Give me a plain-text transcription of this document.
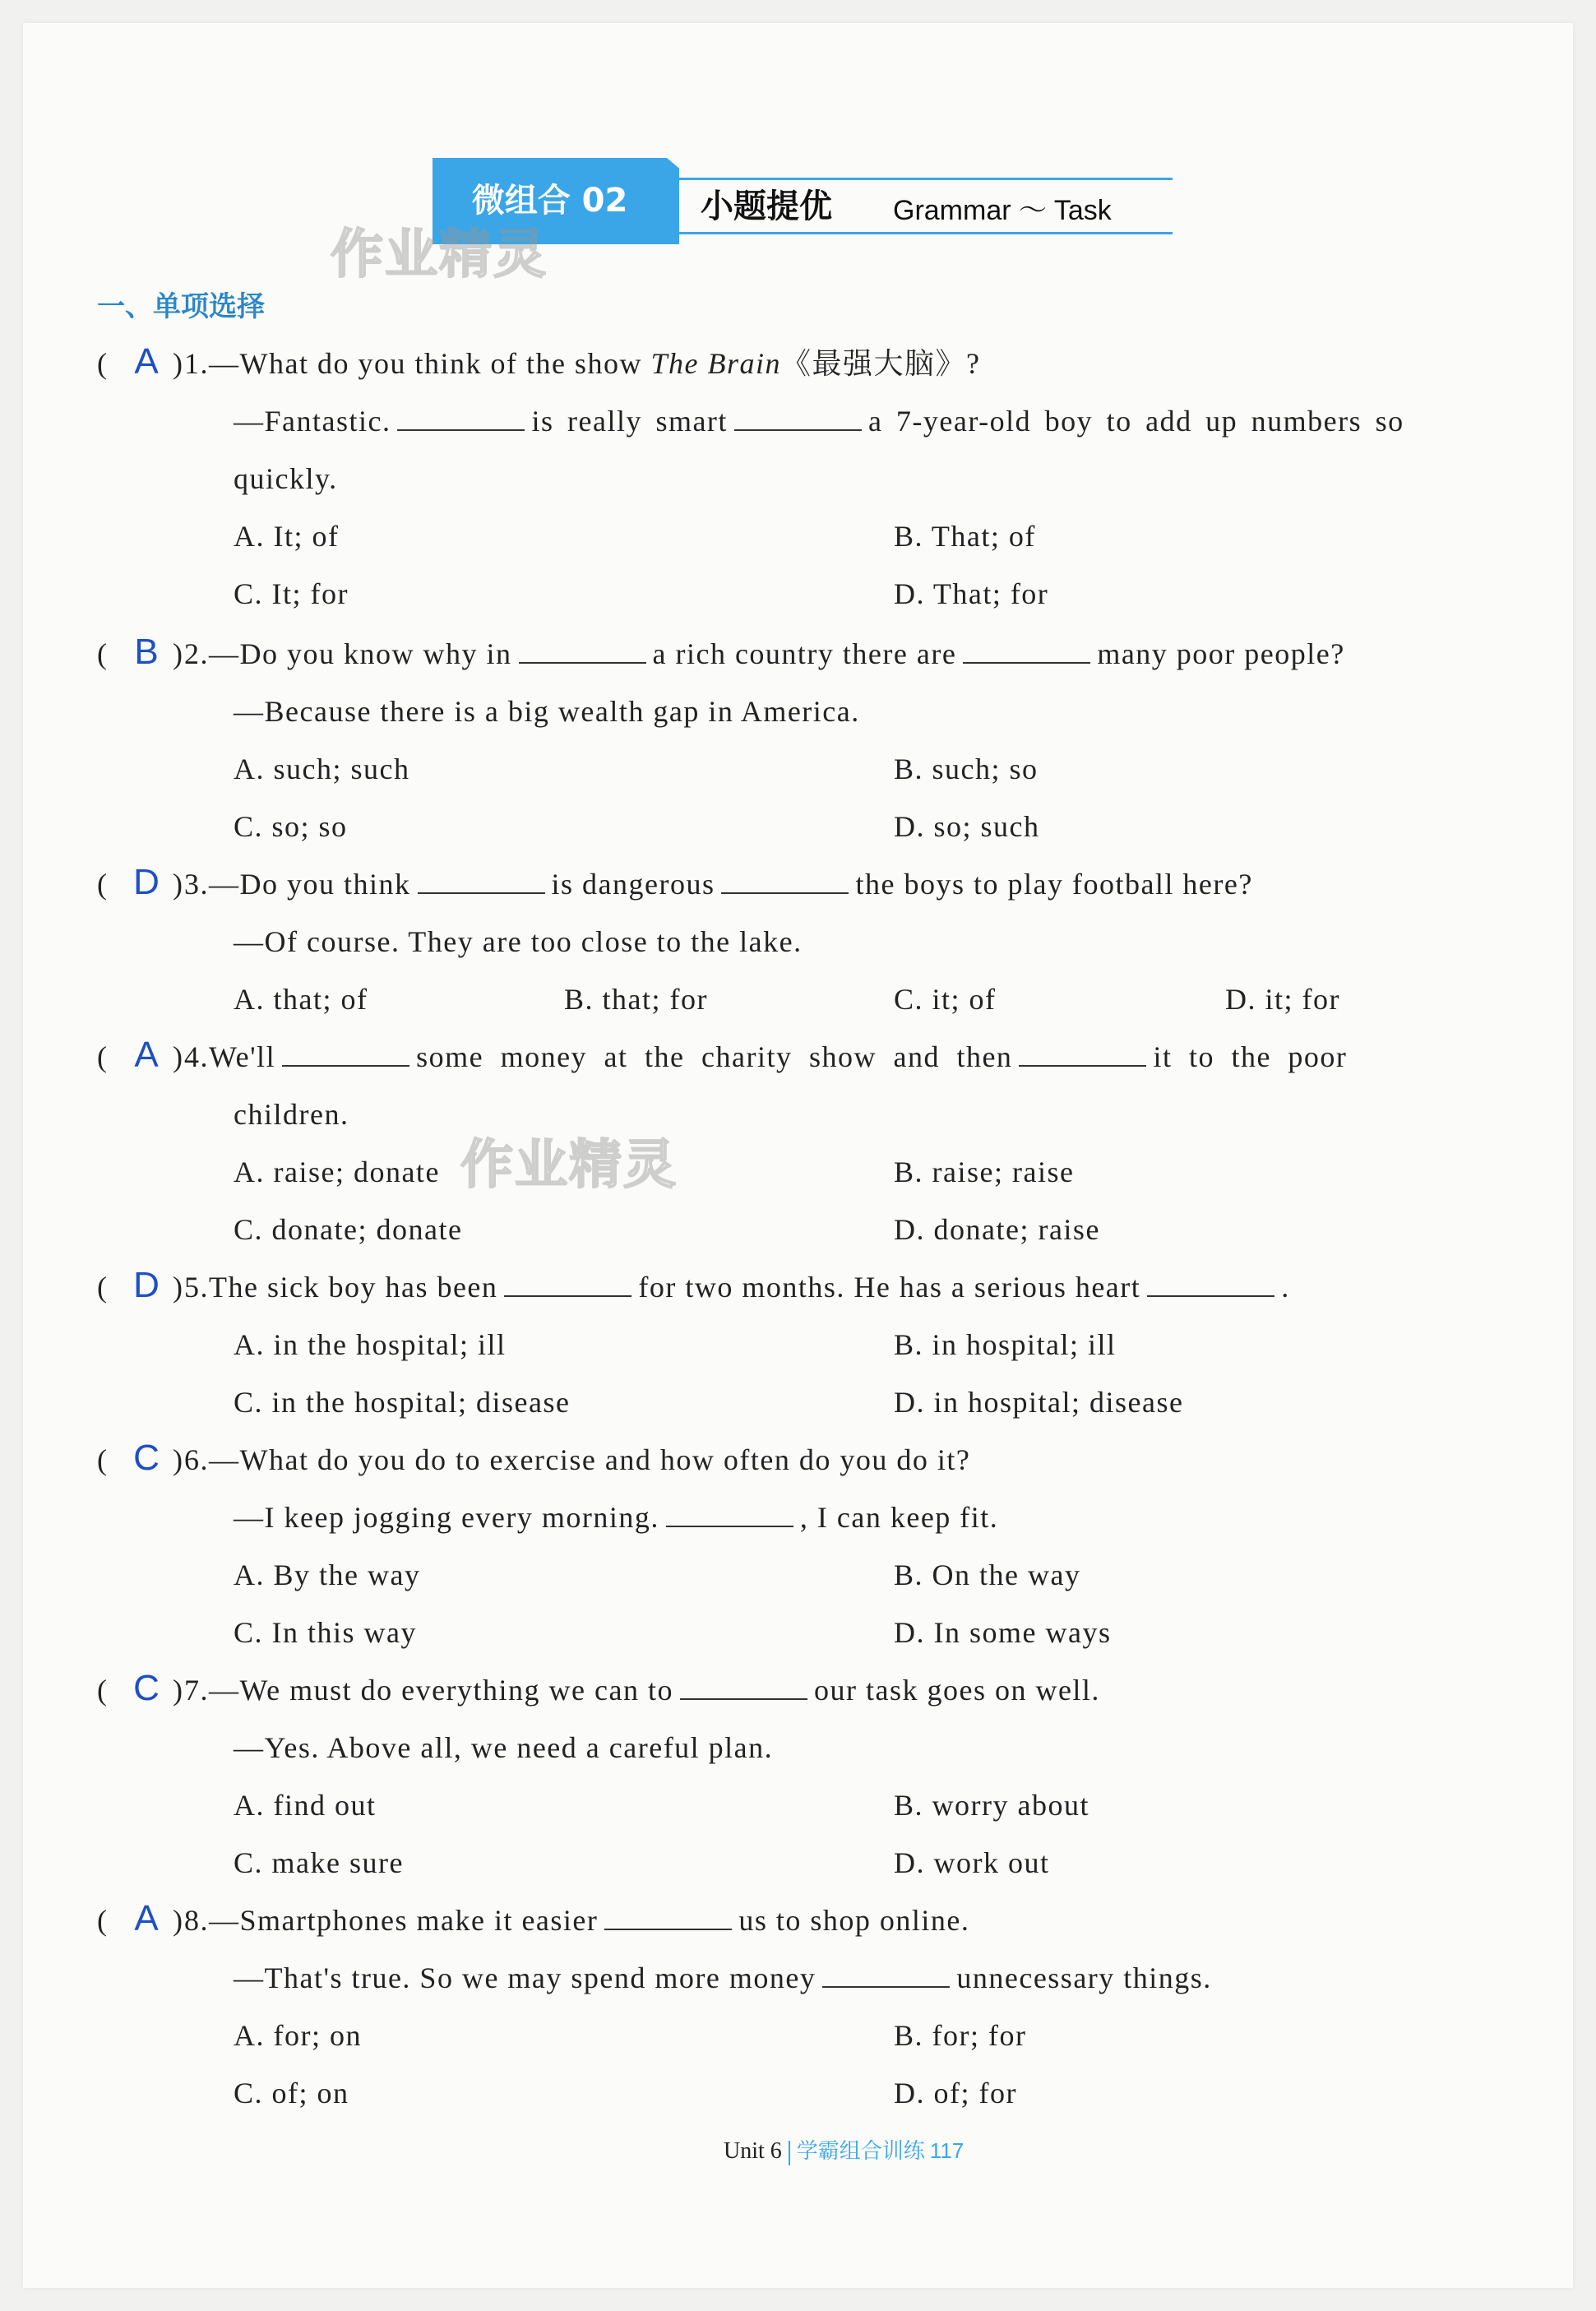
微组合 02	小题提优 Grammar ～ Task
作业精灵
作业精灵
一、单项选择
( A ) 1.—What do you think of the show The Brain《最强大脑》?
—Fantastic.	is really smart	a 7-year-old boy to add up numbers so
quickly.
A. It; of	B. That; of
C. It; for	D. That; for
( B ) 2.—Do you know why in	a rich country there are	many poor people?
—Because there is a big wealth gap in America.
A. such; such	B. such; so
C. so; so	D. so; such
( D ) 3.—Do you think	is dangerous	the boys to play football here?
—Of course. They are too close to the lake.
A. that; of	B. that; for	C. it; of	D. it; for
( A ) 4.We'll	some money at the charity show and then	it to the poor
children.
A. raise; donate	B. raise; raise
C. donate; donate	D. donate; raise
( D ) 5.The sick boy has been	for two months. He has a serious heart	.
A. in the hospital; ill	B. in hospital; ill
C. in the hospital; disease	D. in hospital; disease
( C ) 6.—What do you do to exercise and how often do you do it?
—I keep jogging every morning.	, I can keep fit.
A. By the way	B. On the way
C. In this way	D. In some ways
( C ) 7.—We must do everything we can to	our task goes on well.
—Yes. Above all, we need a careful plan.
A. find out	B. worry about
C. make sure	D. work out
( A ) 8.—Smartphones make it easier	us to shop online.
—That's true. So we may spend more money	unnecessary things.
A. for; on	B. for; for
C. of; on	D. of; for
Unit 6 学霸组合训练 117
